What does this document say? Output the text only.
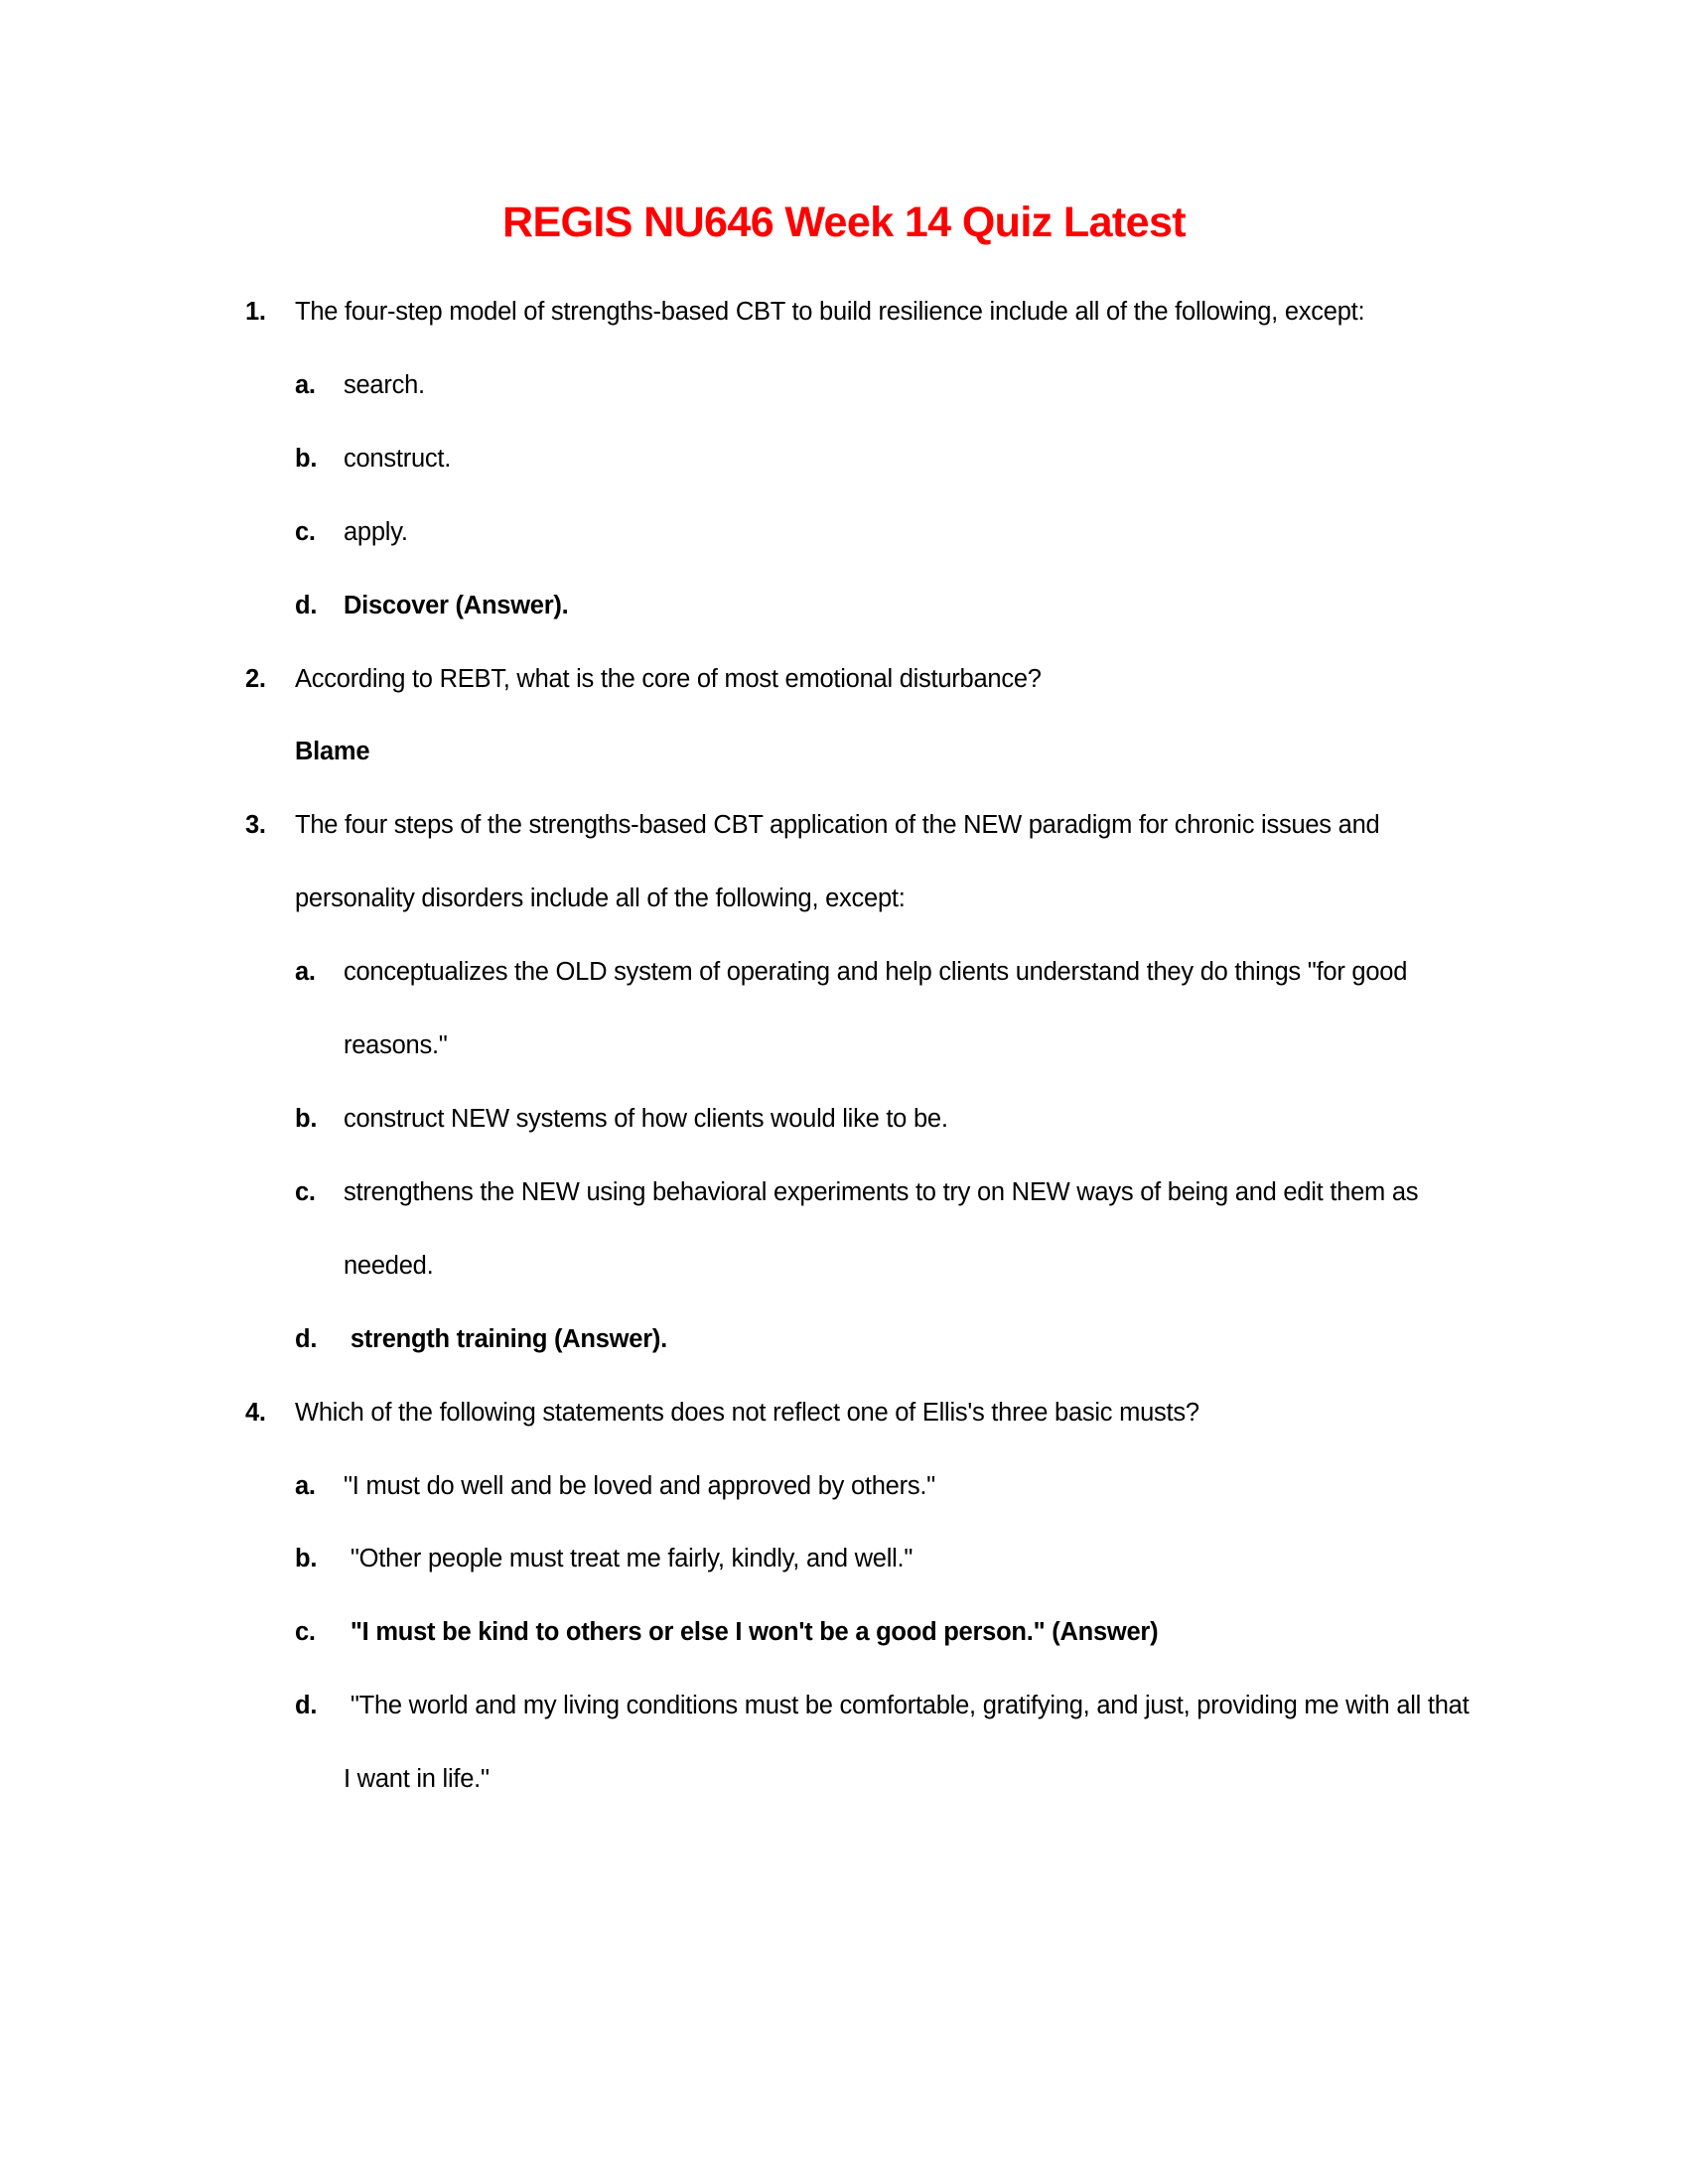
REGIS NU646 Week 14 Quiz Latest
1.	The four-step model of strengths-based CBT to build resilience include all of the following, except:
a.	search.
b.	construct.
c.	apply.
d.	Discover (Answer).
2.	According to REBT, what is the core of most emotional disturbance?
Blame
3.	The four steps of the strengths-based CBT application of the NEW paradigm for chronic issues and personality disorders include all of the following, except:
a.	conceptualizes the OLD system of operating and help clients understand they do things "for good reasons."
b.	construct NEW systems of how clients would like to be.
c.	strengthens the NEW using behavioral experiments to try on NEW ways of being and edit them as needed.
d.	strength training (Answer).
4.	Which of the following statements does not reflect one of Ellis's three basic musts?
a.	"I must do well and be loved and approved by others."
b.	"Other people must treat me fairly, kindly, and well."
c.	"I must be kind to others or else I won't be a good person." (Answer)
d.	"The world and my living conditions must be comfortable, gratifying, and just, providing me with all that I want in life."
